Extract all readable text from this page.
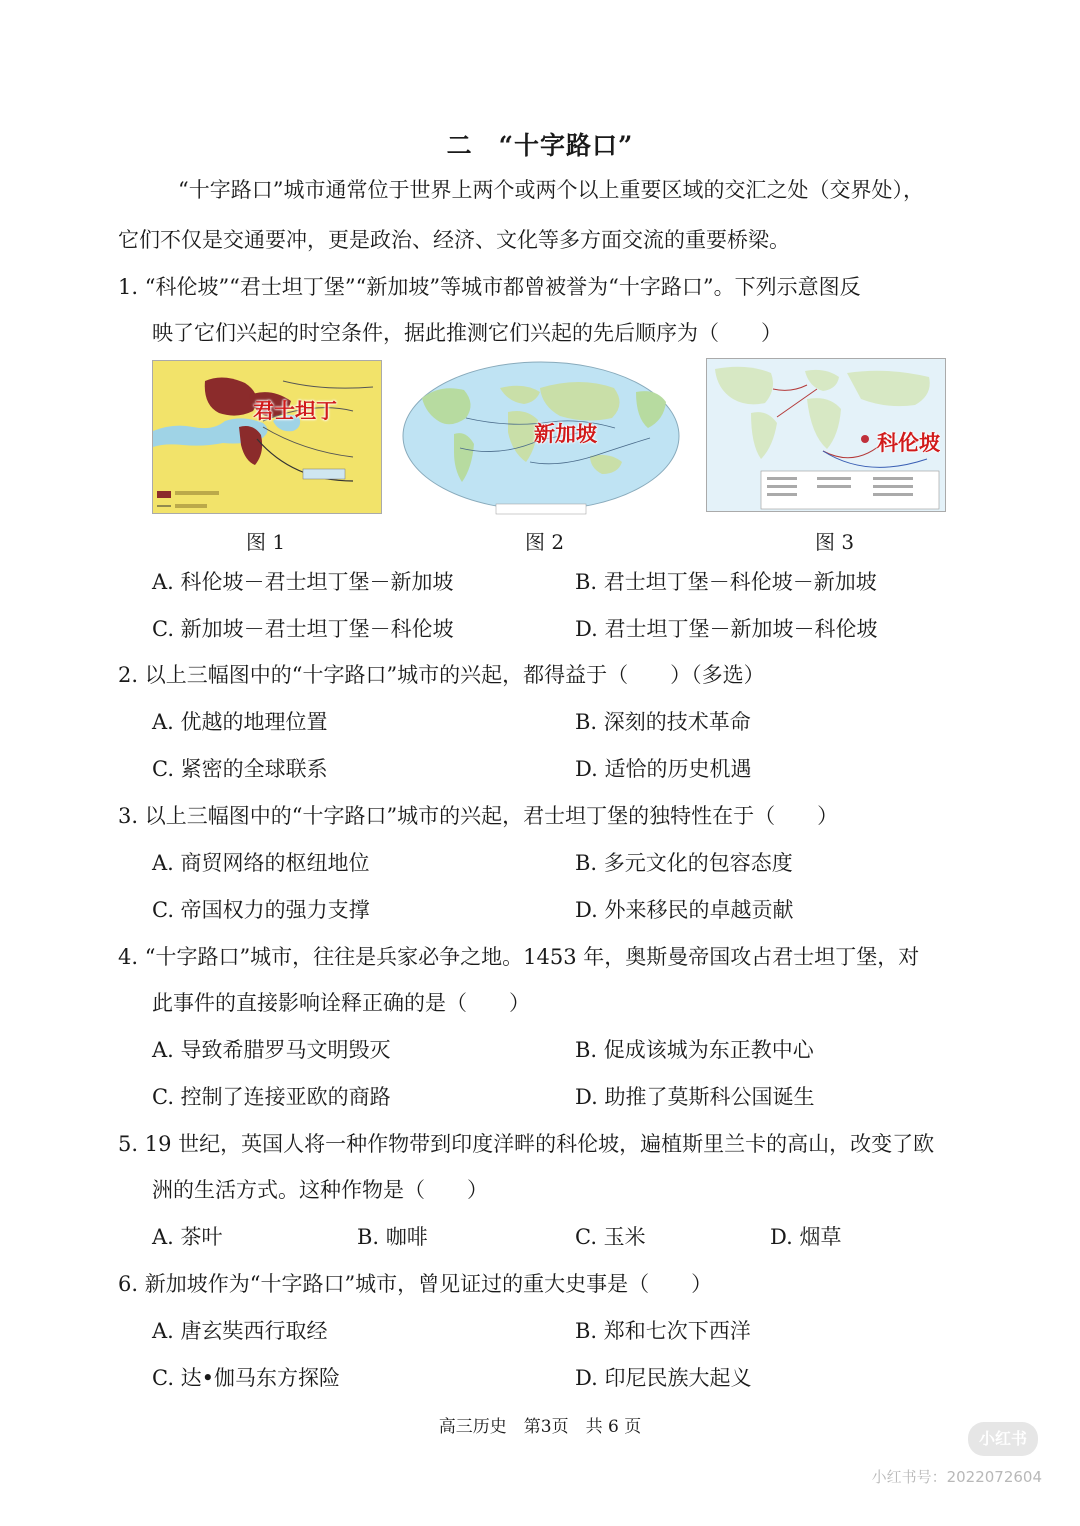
二　“十字路口”
“十字路口”城市通常位于世界上两个或两个以上重要区域的交汇之处（交界处），
它们不仅是交通要冲，更是政治、经济、文化等多方面交流的重要桥梁。
1. “科伦坡”“君士坦丁堡”“新加坡”等城市都曾被誉为“十字路口”。下列示意图反
映了它们兴起的时空条件，据此推测它们兴起的先后顺序为（　　）
君士坦丁
新加坡	科伦坡
图 1	图 2	图 3
A. 科伦坡－君士坦丁堡－新加坡	B. 君士坦丁堡－科伦坡－新加坡
C. 新加坡－君士坦丁堡－科伦坡	D. 君士坦丁堡－新加坡－科伦坡
2. 以上三幅图中的“十字路口”城市的兴起，都得益于（　　）（多选）
A. 优越的地理位置	B. 深刻的技术革命
C. 紧密的全球联系	D. 适恰的历史机遇
3. 以上三幅图中的“十字路口”城市的兴起，君士坦丁堡的独特性在于（　　）
A. 商贸网络的枢纽地位	B. 多元文化的包容态度
C. 帝国权力的强力支撑	D. 外来移民的卓越贡献
4. “十字路口”城市，往往是兵家必争之地。1453 年，奥斯曼帝国攻占君士坦丁堡，对
此事件的直接影响诠释正确的是（　　）
A. 导致希腊罗马文明毁灭	B. 促成该城为东正教中心
C. 控制了连接亚欧的商路	D. 助推了莫斯科公国诞生
5. 19 世纪，英国人将一种作物带到印度洋畔的科伦坡，遍植斯里兰卡的高山，改变了欧
洲的生活方式。这种作物是（　　）
A. 茶叶	B. 咖啡	C. 玉米	D. 烟草
6. 新加坡作为“十字路口”城市，曾见证过的重大史事是（　　）
A. 唐玄奘西行取经	B. 郑和七次下西洋
C. 达•伽马东方探险	D. 印尼民族大起义
高三历史　第3页　共 6 页
小红书
小红书号：2022072604
